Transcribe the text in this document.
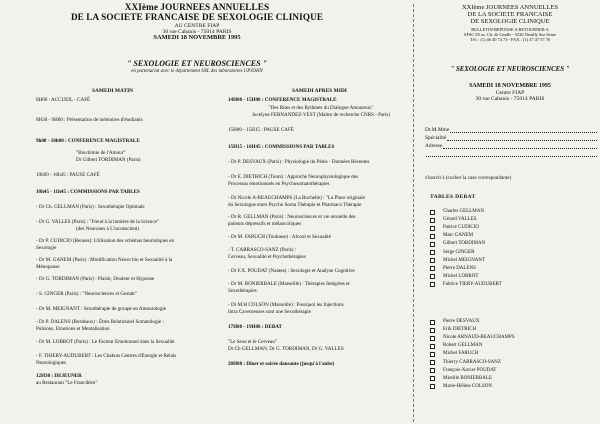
XXIème JOURNEES ANNUELLES
DE LA SOCIETE FRANCAISE DE SEXOLOGIE CLINIQUE
AU CENTRE FIAP
30 rue Cabanis - 75014 PARIS
SAMEDI 18 NOVEMBRE 1995
" SEXOLOGIE ET NEUROSCIENCES "
en partenariat avec le département SNL des laboratoires UPJOHN
SAMEDI MATIN	SAMEDI APRES MIDI
8H00 : ACCUEIL - CAFÉ
8H30 - 9H00 : Présentation de mémoires d'étudiants
9h00 - 10h00 : CONFERENCE MAGISTRALE
"Biochimie de l'Amour"
Dr Gilbert TORDIMAN (Paris)
10h00 - 10h45 : PAUSE CAFÉ
10h45 - 11h45 : COMMISSIONS PAR TABLES
- Dr Ch. GELLMAN (Paris) : Sexothérapie Optimale
- Dr G. VALLES (Paris) : "Freud à la lumière de la Science"
(des Neurones à L'inconscient)
- Dr P. CUDICIO (Rennes): Utilisation des schémas heuristiques en
Sexologie
- Dr M. GANEM (Paris) : Modification Neuro bio et Sexualité à la
Ménopause
- Dr G. TORDIMAN (Paris) : Plaisir, Douleur et Hypnose
- S. GINGER (Paris) : "Neurosciences et Gestalt"
- Dr M. MEIGNANT : Sexothérapie de groupe en Amourologie
- Dr P. DALENS (Bordeaux) : Êtres Relationnel Somatologie :
Pulsions, Emotions et Mentalisation
- Dr M. LOBROT (Paris) : Le Facteur Emotionnel dans la Sexualité
- F. THIERY-AUDUBERT : Les Chakras Centres d'Energie et Relais
Neurologiques
12H30 : DEJEUNER
au Restaurant "Le Franciléen"
14H00 - 15H00 : CONFERENCE MAGISTRALE
"Des Rites et des Rythmes du Dialogue Amoureux"
Jocelyne FERNANDEZ-VEST (Maître de recherche CNRS - Paris)
15H00 - 15H15 : PAUSE CAFÉ
15H15 - 16H45 : COMMISSIONS PAR TABLES
- Dr P. DESVAUX (Paris) : Physiologie du Pénis - Données Récentes
- Dr E. DIETRICH (Tours) : Approche Neurophysiologique des
Processus émotionnels en Psychosomatothérapies
- Dr Nicole A-BEAUCHAMPS (La Rochelle) : "La Place originale
du Sexologue entre Psycho Soma Thérapie et Pharmaco Thérapie
- Dr R. GELLMAN (Paris) : Neurosciences et vie sexuelle des
patients dépressifs et mélancoliques
- Dr M. FARUCH (Toulouse) : Alcool et Sexualité
- T. CARRASCO-SANZ (Paris) :
Cerveau, Sexualité et Psychothérapies
- Dr F.X. POUDAT (Nantes) : Sexologie et Analyse Cognitive
- Dr M. BONIERBALE (Marseille) : Thérapies Intégrées et
Sexothérapies
- Dr M.H COLSON (Marseille) : Pourquoi les Injections
Intra Caverneuses sont une Sexothérapie
17H00 - 19H00 : DEBAT
"Le Sexe et le Cerveau"
Dr Ch GELLMAN, Dr G. TORDIMAN, Dr G. VALLES
20H00 : Dîner et soirée dansante (jusqu'à l'aube)
XXIème JOURNEES ANNUELLES
DE LA SOCIETE FRANCAISE
DE SEXOLOGIE CLINIQUE
BULLETIN-REPONSE A RETOURNER A
SFSC 85 av. Ch. de Gaulle - 9220 Neuilly Sur Seine
Tél. : (1) 46 40 74 73 - FAX : (1) 47 47 57 76
" SEXOLOGIE ET NEUROSCIENCES "
SAMEDI 18 NOVEMBRE 1995
Centre FIAP
30 rue Cabanis - 75014 PARIS
Dr.M.Mme
Spécialité
Adresse
s'inscrit à (cocher la case correspondante)
TABLES DEBAT
Charles GELLMAN
Gérard VALLES
Patrice CUDICIO
Marc GANEM
Gilbert TORDIMAN
Serge GINGER
Michel MEIGNANT
Pierre DALENS
Michel LOBROT
Fabrice TIERY-AUDUBERT
Pierre DESVAUX
Erik DIETRICH
Nicole ARNAUD-BEAUCHAMPS
Robert GELLMAN
Michel FARUCH
Thierry CARRASCO-SANZ
François-Xavier POUDAT
Mireille BONIERBALE
Marie-Hélène COLSON
